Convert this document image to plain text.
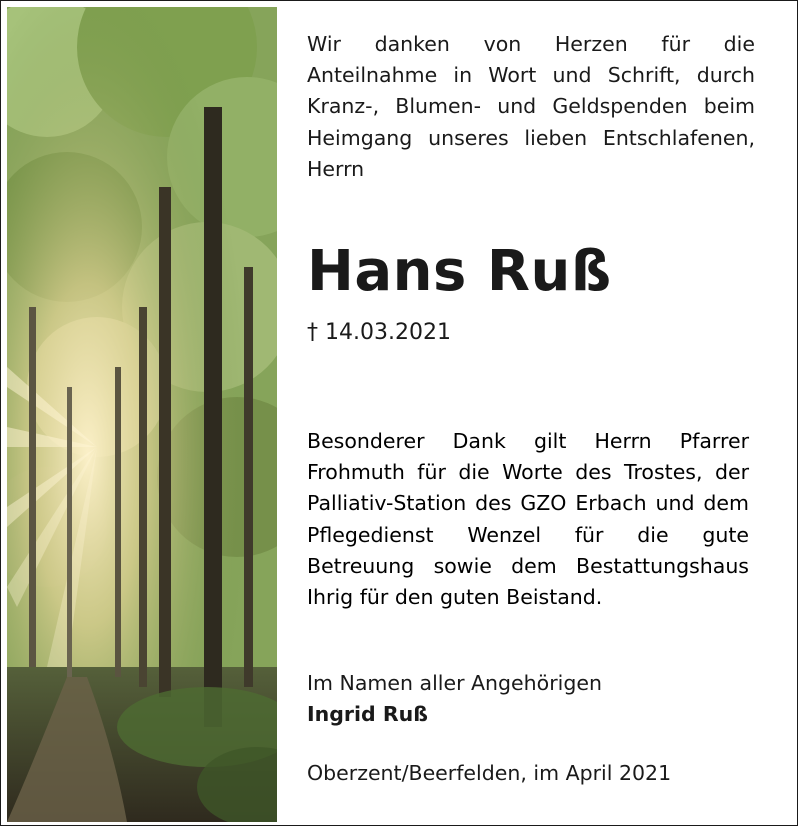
Wir danken von Herzen für die Anteilnahme in Wort und Schrift, durch Kranz-, Blumen- und Geldspenden beim Heimgang unseres lieben Entschlafenen, Herrn

Hans Ruß
† 14.03.2021

Besonderer Dank gilt Herrn Pfarrer Frohmuth für die Worte des Trostes, der Palliativ-Station des GZO Erbach und dem Pflegedienst Wenzel für die gute Betreuung sowie dem Bestattungshaus Ihrig für den guten Beistand.

Im Namen aller Angehörigen
Ingrid Ruß
Oberzent/Beerfelden, im April 2021
